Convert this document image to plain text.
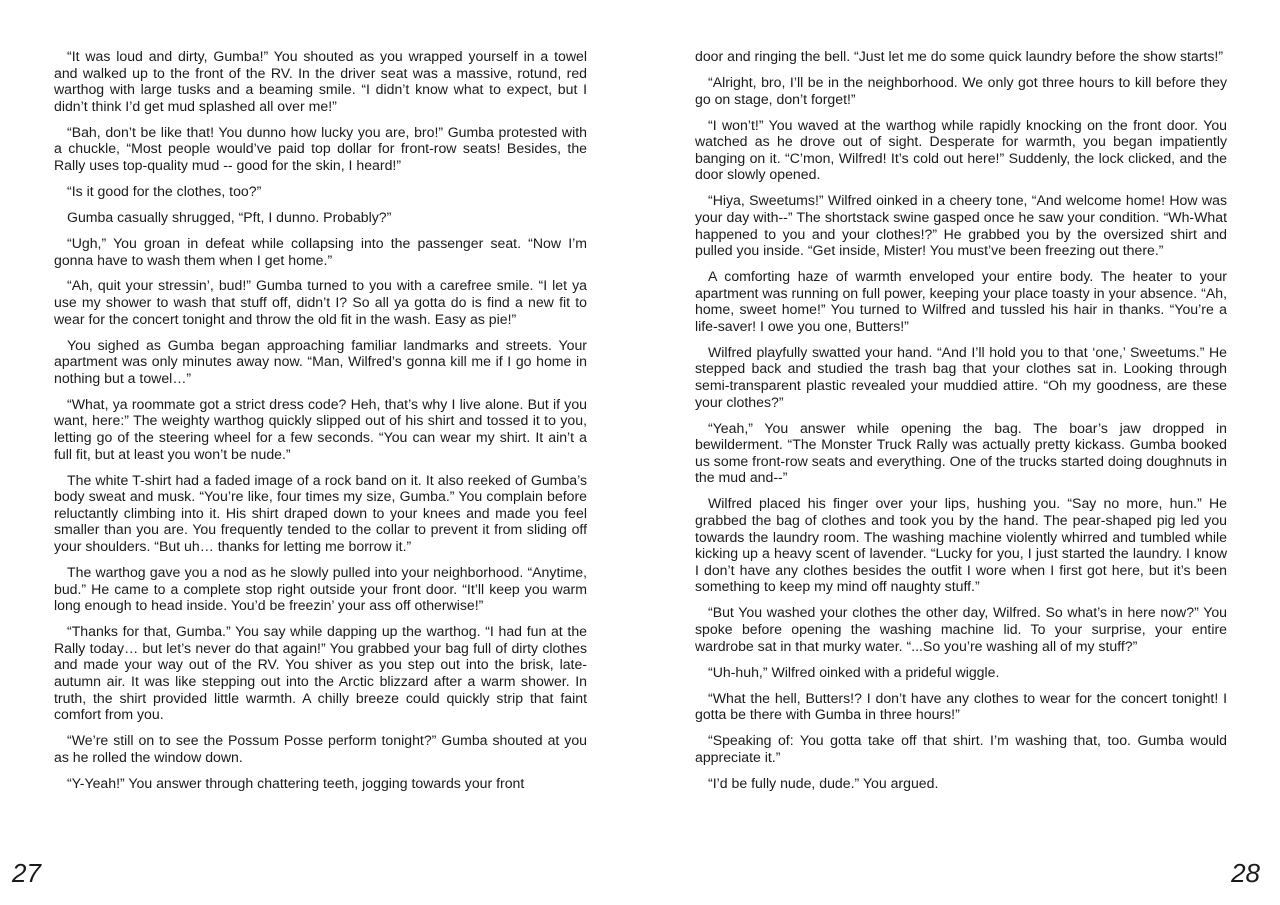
“It was loud and dirty, Gumba!” You shouted as you wrapped yourself in a towel and walked up to the front of the RV. In the driver seat was a massive, rotund, red warthog with large tusks and a beaming smile. “I didn’t know what to expect, but I didn’t think I’d get mud splashed all over me!”

“Bah, don’t be like that! You dunno how lucky you are, bro!” Gumba protested with a chuckle, “Most people would’ve paid top dollar for front-row seats! Besides, the Rally uses top-quality mud -- good for the skin, I heard!”

“Is it good for the clothes, too?”

Gumba casually shrugged, “Pft, I dunno. Probably?”

“Ugh,” You groan in defeat while collapsing into the passenger seat. “Now I’m gonna have to wash them when I get home.”

“Ah, quit your stressin’, bud!” Gumba turned to you with a carefree smile. “I let ya use my shower to wash that stuff off, didn’t I? So all ya gotta do is find a new fit to wear for the concert tonight and throw the old fit in the wash. Easy as pie!”

You sighed as Gumba began approaching familiar landmarks and streets. Your apartment was only minutes away now. “Man, Wilfred’s gonna kill me if I go home in nothing but a towel…”

“What, ya roommate got a strict dress code? Heh, that’s why I live alone. But if you want, here:” The weighty warthog quickly slipped out of his shirt and tossed it to you, letting go of the steering wheel for a few seconds. “You can wear my shirt. It ain’t a full fit, but at least you won’t be nude.”

The white T-shirt had a faded image of a rock band on it. It also reeked of Gumba’s body sweat and musk. “You’re like, four times my size, Gumba.” You complain before reluctantly climbing into it. His shirt draped down to your knees and made you feel smaller than you are. You frequently tended to the collar to prevent it from sliding off your shoulders. “But uh… thanks for letting me borrow it.”

The warthog gave you a nod as he slowly pulled into your neighborhood. “Anytime, bud.” He came to a complete stop right outside your front door. “It’ll keep you warm long enough to head inside. You’d be freezin’ your ass off otherwise!”

“Thanks for that, Gumba.” You say while dapping up the warthog. “I had fun at the Rally today… but let’s never do that again!” You grabbed your bag full of dirty clothes and made your way out of the RV. You shiver as you step out into the brisk, late-autumn air. It was like stepping out into the Arctic blizzard after a warm shower. In truth, the shirt provided little warmth. A chilly breeze could quickly strip that faint comfort from you.

“We’re still on to see the Possum Posse perform tonight?” Gumba shouted at you as he rolled the window down.

“Y-Yeah!” You answer through chattering teeth, jogging towards your front

door and ringing the bell. “Just let me do some quick laundry before the show starts!”

“Alright, bro, I’ll be in the neighborhood. We only got three hours to kill before they go on stage, don’t forget!”

“I won’t!” You waved at the warthog while rapidly knocking on the front door. You watched as he drove out of sight. Desperate for warmth, you began impatiently banging on it. “C’mon, Wilfred! It’s cold out here!” Suddenly, the lock clicked, and the door slowly opened.

“Hiya, Sweetums!” Wilfred oinked in a cheery tone, “And welcome home! How was your day with--” The shortstack swine gasped once he saw your condition. “Wh-What happened to you and your clothes!?” He grabbed you by the oversized shirt and pulled you inside. “Get inside, Mister! You must’ve been freezing out there.”

A comforting haze of warmth enveloped your entire body. The heater to your apartment was running on full power, keeping your place toasty in your absence. “Ah, home, sweet home!” You turned to Wilfred and tussled his hair in thanks. “You’re a life-saver! I owe you one, Butters!”

Wilfred playfully swatted your hand. “And I’ll hold you to that ‘one,’ Sweetums.” He stepped back and studied the trash bag that your clothes sat in. Looking through semi-transparent plastic revealed your muddied attire. “Oh my goodness, are these your clothes?”

“Yeah,” You answer while opening the bag. The boar’s jaw dropped in bewilderment. “The Monster Truck Rally was actually pretty kickass. Gumba booked us some front-row seats and everything. One of the trucks started doing doughnuts in the mud and--”

Wilfred placed his finger over your lips, hushing you. “Say no more, hun.” He grabbed the bag of clothes and took you by the hand. The pear-shaped pig led you towards the laundry room. The washing machine violently whirred and tumbled while kicking up a heavy scent of lavender. “Lucky for you, I just started the laundry. I know I don’t have any clothes besides the outfit I wore when I first got here, but it’s been something to keep my mind off naughty stuff.”

“But You washed your clothes the other day, Wilfred. So what’s in here now?” You spoke before opening the washing machine lid. To your surprise, your entire wardrobe sat in that murky water. “...So you’re washing all of my stuff?”

“Uh-huh,” Wilfred oinked with a prideful wiggle.

“What the hell, Butters!? I don’t have any clothes to wear for the concert tonight! I gotta be there with Gumba in three hours!”

“Speaking of: You gotta take off that shirt. I’m washing that, too. Gumba would appreciate it.”

“I’d be fully nude, dude.” You argued.

27	28
